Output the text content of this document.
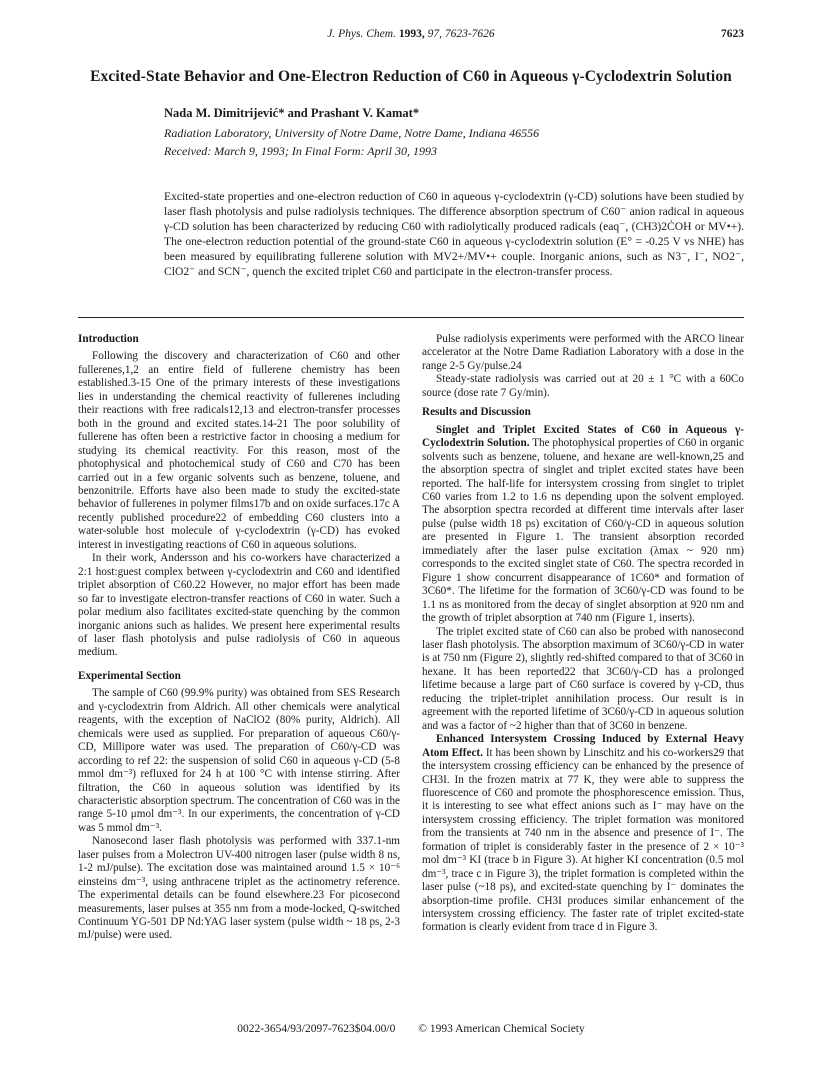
J. Phys. Chem. 1993, 97, 7623-7626	7623
Excited-State Behavior and One-Electron Reduction of C60 in Aqueous γ-Cyclodextrin Solution
Nada M. Dimitrijević* and Prashant V. Kamat*
Radiation Laboratory, University of Notre Dame, Notre Dame, Indiana 46556
Received: March 9, 1993; In Final Form: April 30, 1993
Excited-state properties and one-electron reduction of C60 in aqueous γ-cyclodextrin (γ-CD) solutions have been studied by laser flash photolysis and pulse radiolysis techniques. The difference absorption spectrum of C60⁻ anion radical in aqueous γ-CD solution has been characterized by reducing C60 with radiolytically produced radicals (eaq⁻, (CH3)2ĊOH or MV•+). The one-electron reduction potential of the ground-state C60 in aqueous γ-cyclodextrin solution (E° = -0.25 V vs NHE) has been measured by equilibrating fullerene solution with MV2+/MV•+ couple. Inorganic anions, such as N3⁻, I⁻, NO2⁻, ClO2⁻ and SCN⁻, quench the excited triplet C60 and participate in the electron-transfer process.
Introduction

Following the discovery and characterization of C60 and other fullerenes,1,2 an entire field of fullerene chemistry has been established.3-15 One of the primary interests of these investigations lies in understanding the chemical reactivity of fullerenes including their reactions with free radicals12,13 and electron-transfer processes both in the ground and excited states.14-21 The poor solubility of fullerene has often been a restrictive factor in choosing a medium for studying its chemical reactivity. For this reason, most of the photophysical and photochemical study of C60 and C70 has been carried out in a few organic solvents such as benzene, toluene, and benzonitrile. Efforts have also been made to study the excited-state behavior of fullerenes in polymer films17b and on oxide surfaces.17c A recently published procedure22 of embedding C60 clusters into a water-soluble host molecule of γ-cyclodextrin (γ-CD) has evoked interest in investigating reactions of C60 in aqueous solutions.

In their work, Andersson and his co-workers have characterized a 2:1 host:guest complex between γ-cyclodextrin and C60 and identified triplet absorption of C60.22 However, no major effort has been made so far to investigate electron-transfer reactions of C60 in water. Such a polar medium also facilitates excited-state quenching by the common inorganic anions such as halides. We present here experimental results of laser flash photolysis and pulse radiolysis of C60 in aqueous medium.

Experimental Section

The sample of C60 (99.9% purity) was obtained from SES Research and γ-cyclodextrin from Aldrich. All other chemicals were analytical reagents, with the exception of NaClO2 (80% purity, Aldrich). All chemicals were used as supplied. For preparation of aqueous C60/γ-CD, Millipore water was used. The preparation of C60/γ-CD was according to ref 22: the suspension of solid C60 in aqueous γ-CD (5-8 mmol dm⁻³) refluxed for 24 h at 100 °C with intense stirring. After filtration, the C60 in aqueous solution was identified by its characteristic absorption spectrum. The concentration of C60 was in the range 5-10 μmol dm⁻³. In our experiments, the concentration of γ-CD was 5 mmol dm⁻³.

Nanosecond laser flash photolysis was performed with 337.1-nm laser pulses from a Molectron UV-400 nitrogen laser (pulse width 8 ns, 1-2 mJ/pulse). The excitation dose was maintained around 1.5 × 10⁻⁶ einsteins dm⁻³, using anthracene triplet as the actinometry reference. The experimental details can be found elsewhere.23 For picosecond measurements, laser pulses at 355 nm from a mode-locked, Q-switched Continuum YG-501 DP Nd:YAG laser system (pulse width ~ 18 ps, 2-3 mJ/pulse) were used.

Pulse radiolysis experiments were performed with the ARCO linear accelerator at the Notre Dame Radiation Laboratory with a dose in the range 2-5 Gy/pulse.24

Steady-state radiolysis was carried out at 20 ± 1 °C with a 60Co source (dose rate 7 Gy/min).

Results and Discussion

Singlet and Triplet Excited States of C60 in Aqueous γ-Cyclodextrin Solution. The photophysical properties of C60 in organic solvents such as benzene, toluene, and hexane are well-known,25 and the absorption spectra of singlet and triplet excited states have been reported. The half-life for intersystem crossing from singlet to triplet C60 varies from 1.2 to 1.6 ns depending upon the solvent employed. The absorption spectra recorded at different time intervals after laser pulse (pulse width 18 ps) excitation of C60/γ-CD in aqueous solution are presented in Figure 1. The transient absorption recorded immediately after the laser pulse excitation (λmax ~ 920 nm) corresponds to the excited singlet state of C60. The spectra recorded in Figure 1 show concurrent disappearance of 1C60* and formation of 3C60*. The lifetime for the formation of 3C60/γ-CD was found to be 1.1 ns as monitored from the decay of singlet absorption at 920 nm and the growth of triplet absorption at 740 nm (Figure 1, inserts).

The triplet excited state of C60 can also be probed with nanosecond laser flash photolysis. The absorption maximum of 3C60/γ-CD in water is at 750 nm (Figure 2), slightly red-shifted compared to that of 3C60 in hexane. It has been reported22 that 3C60/γ-CD has a prolonged lifetime because a large part of C60 surface is covered by γ-CD, thus reducing the triplet-triplet annihilation process. Our result is in agreement with the reported lifetime of 3C60/γ-CD in aqueous solution and was a factor of ~2 higher than that of 3C60 in benzene.

Enhanced Intersystem Crossing Induced by External Heavy Atom Effect. It has been shown by Linschitz and his co-workers29 that the intersystem crossing efficiency can be enhanced by the presence of CH3I. In the frozen matrix at 77 K, they were able to suppress the fluorescence of C60 and promote the phosphorescence emission. Thus, it is interesting to see what effect anions such as I⁻ may have on the intersystem crossing efficiency. The triplet formation was monitored from the transients at 740 nm in the absence and presence of I⁻. The formation of triplet is considerably faster in the presence of 2 × 10⁻³ mol dm⁻³ KI (trace b in Figure 3). At higher KI concentration (0.5 mol dm⁻³, trace c in Figure 3), the triplet formation is completed within the laser pulse (~18 ps), and excited-state quenching by I⁻ dominates the absorption-time profile. CH3I produces similar enhancement of the intersystem crossing efficiency. The faster rate of triplet excited-state formation is clearly evident from trace d in Figure 3.

0022-3654/93/2097-7623$04.00/0 © 1993 American Chemical Society
